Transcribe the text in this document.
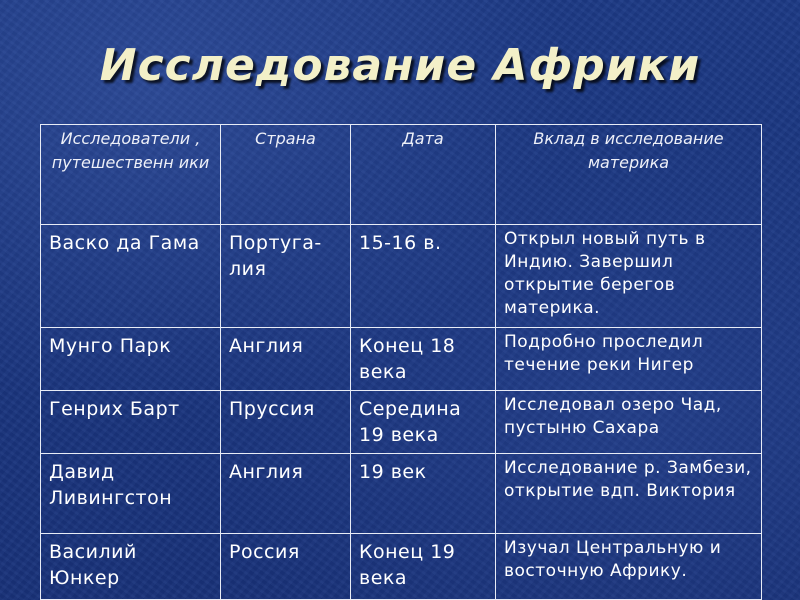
Исследование Африки
Исследователи , путешественн ики	Страна	Дата	Вклад в исследование материка
Васко да Гама	Португа-лия	15-16 в.	Открыл новый путь в Индию. Завершил открытие берегов материка.
Мунго Парк	Англия	Конец 18 века	Подробно проследил течение реки Нигер
Генрих Барт	Пруссия	Середина 19 века	Исследовал озеро Чад, пустыню Сахара
Давид Ливингстон	Англия	19 век	Исследование р. Замбези, открытие вдп. Виктория
Василий Юнкер	Россия	Конец 19 века	Изучал Центральную и восточную Африку.
